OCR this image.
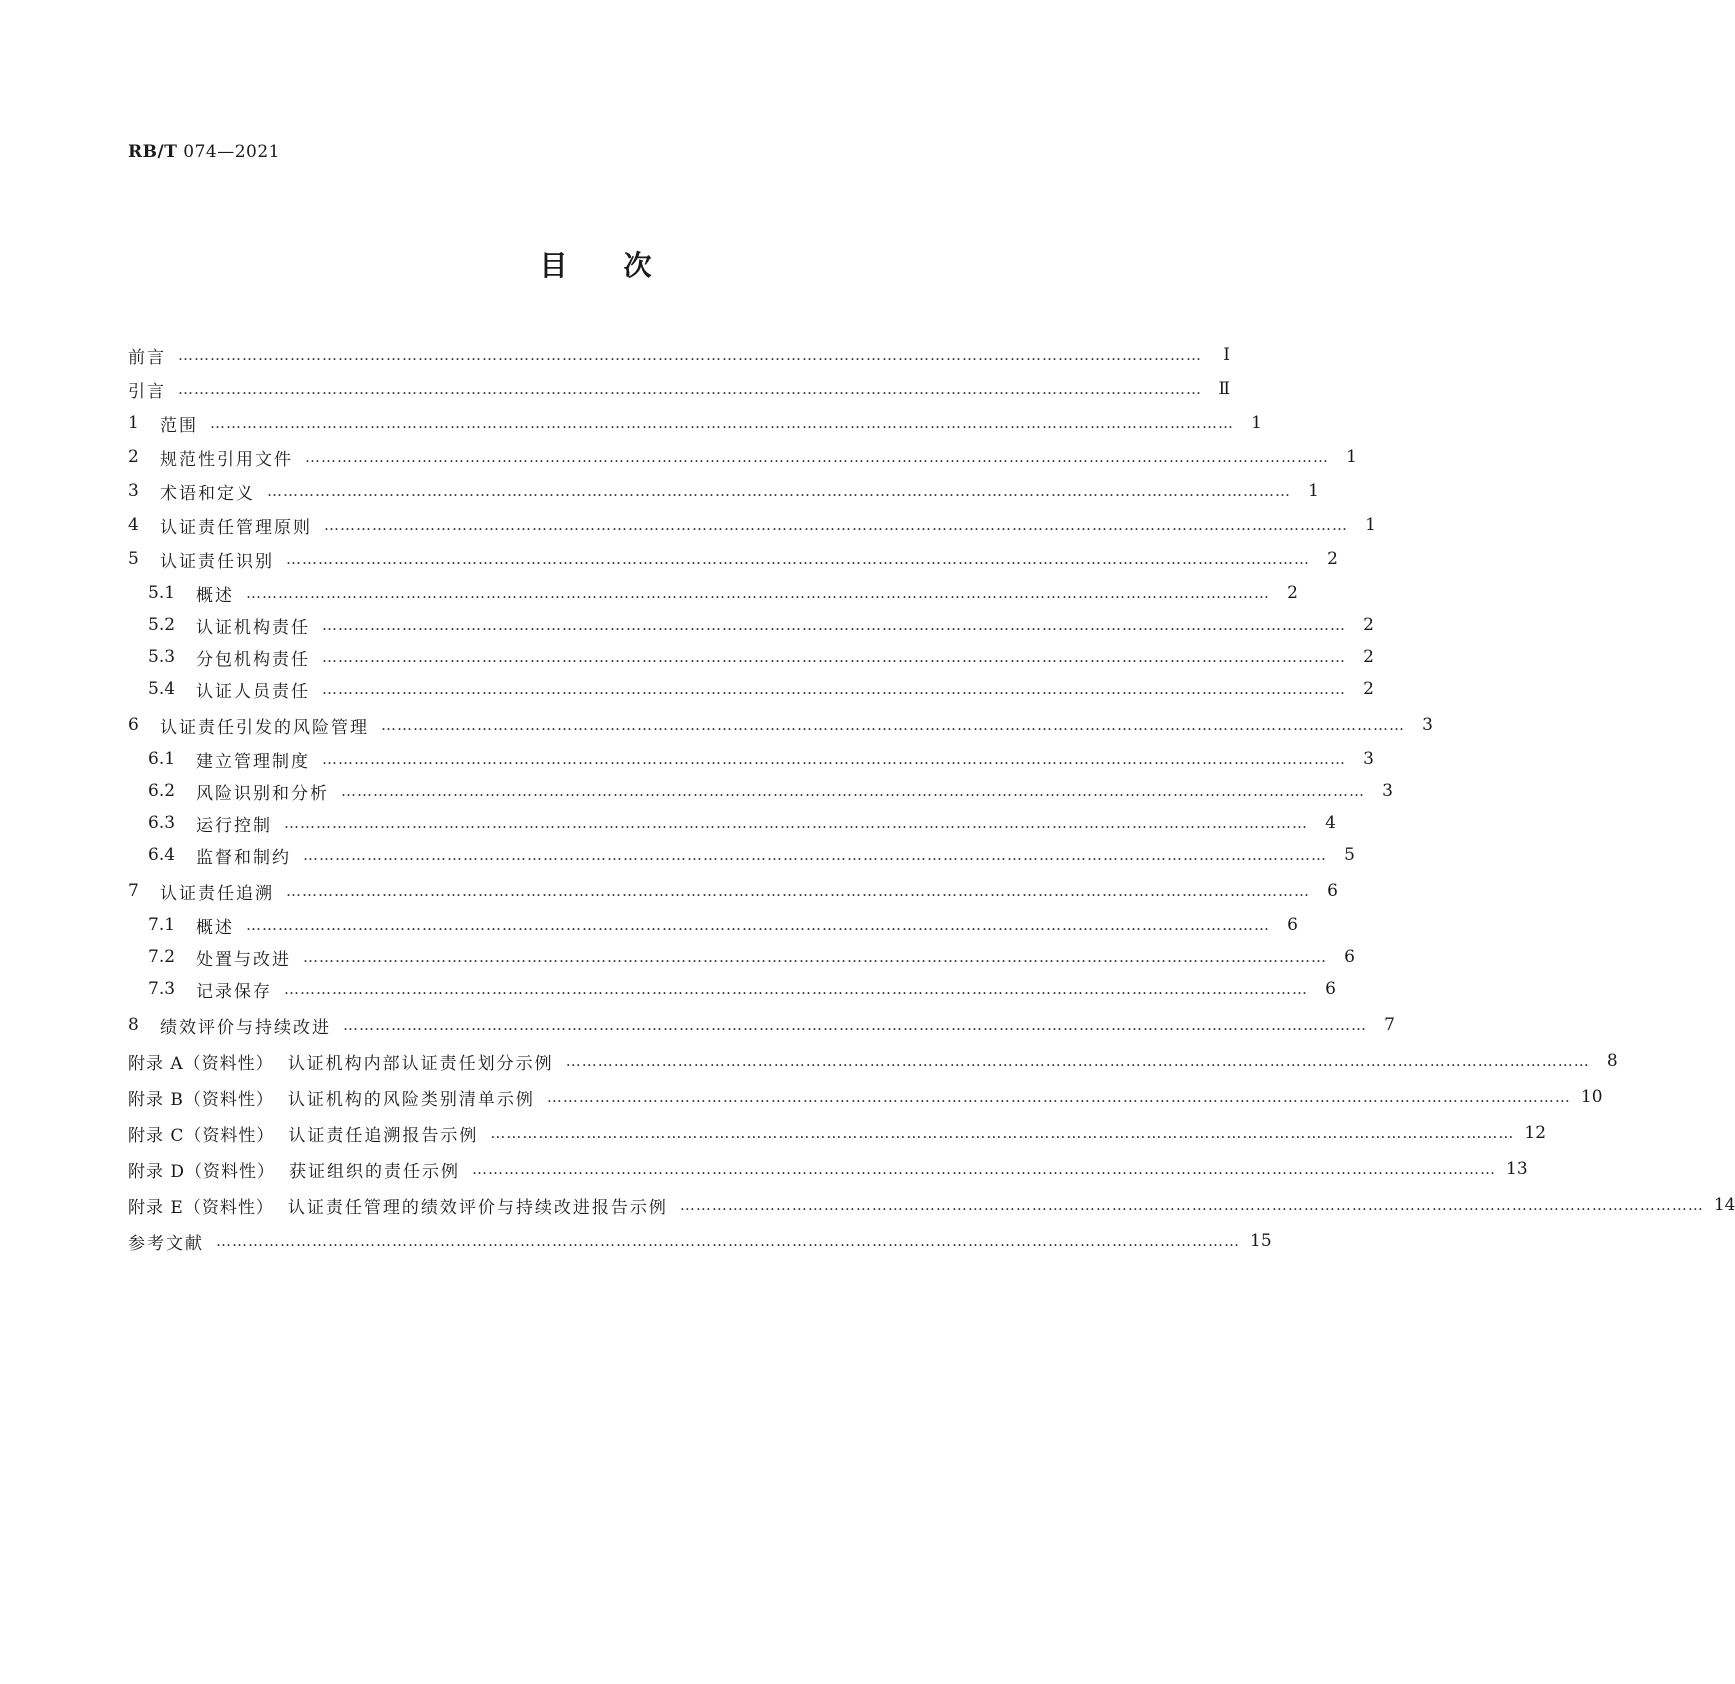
RB/T 074—2021
目次
前言 …………………………………………………………………………………………………………………………………………………………………………	Ⅰ
引言 ………………………………………………………………………………………………………………………………………………………………………… Ⅱ
1	范围 …………………………………………………………………………………………………………………………………………………………………………	1
2	规范性引用文件 …………………………………………………………………………………………………………………………………………………………………………	1
3	术语和定义 …………………………………………………………………………………………………………………………………………………………………………	1
4	认证责任管理原则 …………………………………………………………………………………………………………………………………………………………………………	1
5	认证责任识别 …………………………………………………………………………………………………………………………………………………………………………	2
5.1	概述 …………………………………………………………………………………………………………………………………………………………………………	2
5.2	认证机构责任 …………………………………………………………………………………………………………………………………………………………………………	2
5.3	分包机构责任 …………………………………………………………………………………………………………………………………………………………………………	2
5.4	认证人员责任 …………………………………………………………………………………………………………………………………………………………………………	2
6	认证责任引发的风险管理 …………………………………………………………………………………………………………………………………………………………………………	3
6.1	建立管理制度 …………………………………………………………………………………………………………………………………………………………………………	3
6.2	风险识别和分析 …………………………………………………………………………………………………………………………………………………………………………	3
6.3	运行控制 …………………………………………………………………………………………………………………………………………………………………………	4
6.4	监督和制约 …………………………………………………………………………………………………………………………………………………………………………	5
7	认证责任追溯 …………………………………………………………………………………………………………………………………………………………………………	6
7.1	概述 …………………………………………………………………………………………………………………………………………………………………………	6
7.2	处置与改进 …………………………………………………………………………………………………………………………………………………………………………	6
7.3	记录保存 …………………………………………………………………………………………………………………………………………………………………………	6
8	绩效评价与持续改进 …………………………………………………………………………………………………………………………………………………………………………	7
附录 A（资料性） 认证机构内部认证责任划分示例 …………………………………………………………………………………………………………………………………………………………………………	8
附录 B（资料性） 认证机构的风险类别清单示例 ………………………………………………………………………………………………………………………………………………………………………… 10
附录 C（资料性） 认证责任追溯报告示例 ………………………………………………………………………………………………………………………………………………………………………… 12
附录 D（资料性） 获证组织的责任示例 ………………………………………………………………………………………………………………………………………………………………………… 13
附录 E（资料性） 认证责任管理的绩效评价与持续改进报告示例 ………………………………………………………………………………………………………………………………………………………………………… 14
参考文献 ………………………………………………………………………………………………………………………………………………………………………… 15
